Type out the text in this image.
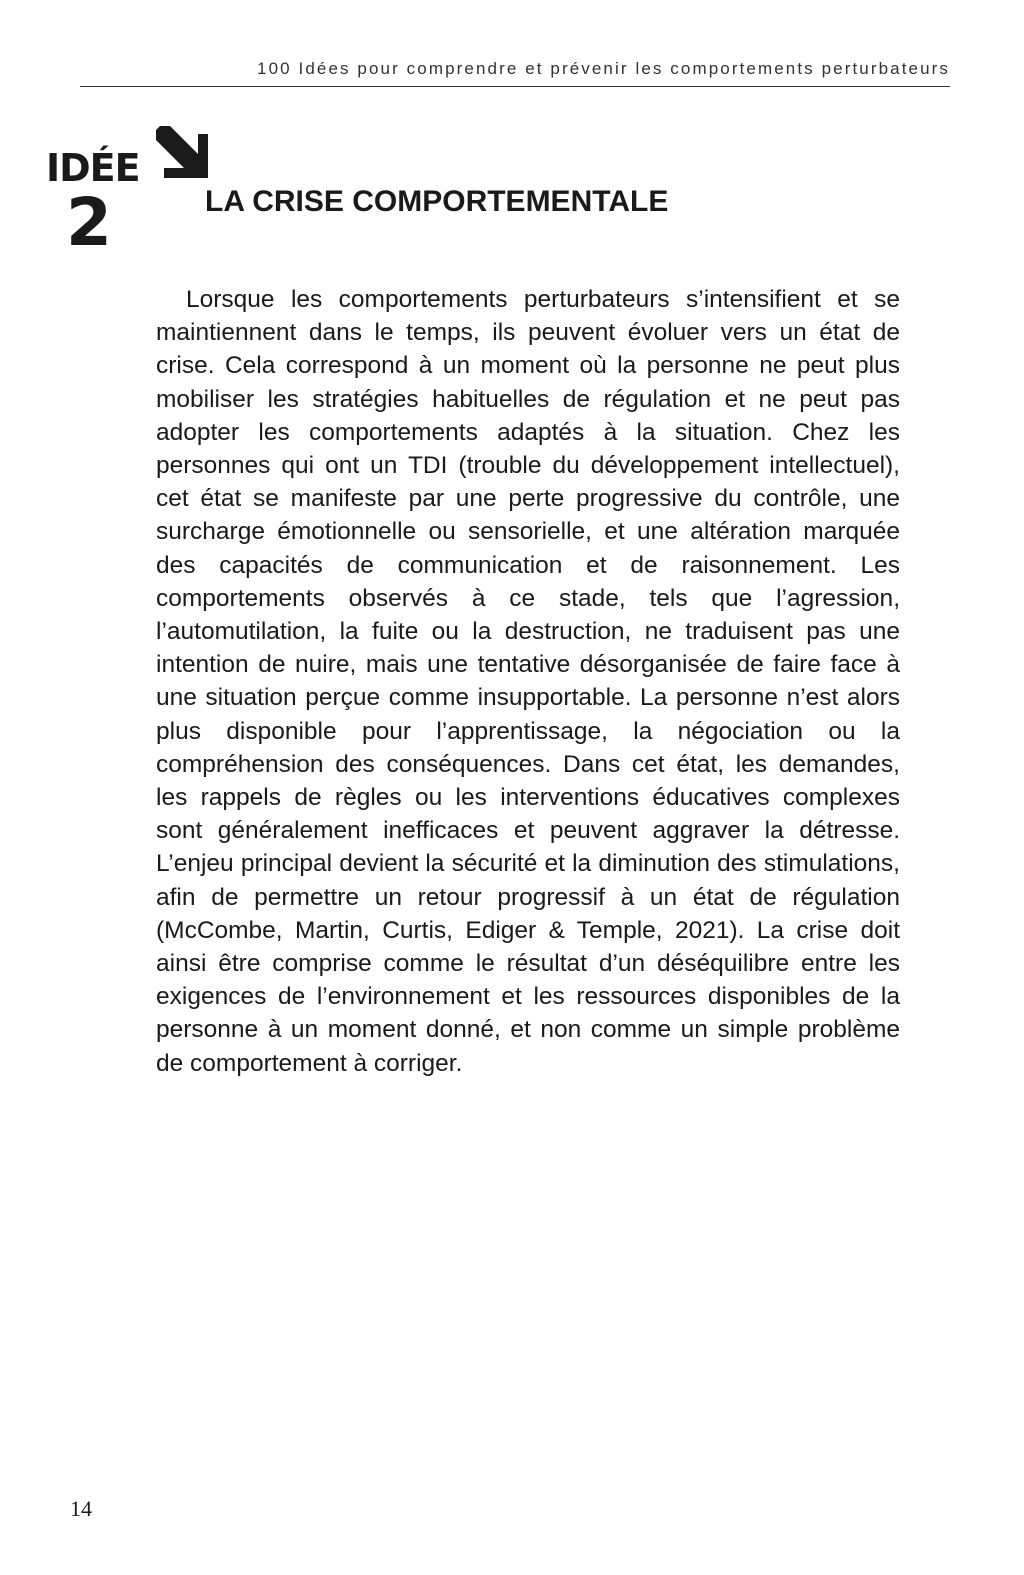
100 Idées pour comprendre et prévenir les comportements perturbateurs
IDÉE
2	LA CRISE COMPORTEMENTALE

Lorsque les comportements perturbateurs s’intensifient et se maintiennent dans le temps, ils peuvent évoluer vers un état de crise. Cela correspond à un moment où la personne ne peut plus mobiliser les stratégies habituelles de régulation et ne peut pas adopter les comportements adaptés à la situation. Chez les personnes qui ont un TDI (trouble du développement intellectuel), cet état se manifeste par une perte progressive du contrôle, une surcharge émotionnelle ou sensorielle, et une altération marquée des capacités de communication et de raisonnement. Les comportements observés à ce stade, tels que l’agression, l’automutilation, la fuite ou la destruction, ne traduisent pas une intention de nuire, mais une tentative désorganisée de faire face à une situation perçue comme insupportable. La personne n’est alors plus disponible pour l’apprentissage, la négociation ou la compréhension des conséquences. Dans cet état, les demandes, les rappels de règles ou les interventions éducatives complexes sont généralement inefficaces et peuvent aggraver la détresse. L’enjeu principal devient la sécurité et la diminution des stimulations, afin de permettre un retour progressif à un état de régulation (McCombe, Martin, Curtis, Ediger & Temple, 2021). La crise doit ainsi être comprise comme le résultat d’un déséquilibre entre les exigences de l’environnement et les ressources disponibles de la personne à un moment donné, et non comme un simple problème de comportement à corriger.

14
